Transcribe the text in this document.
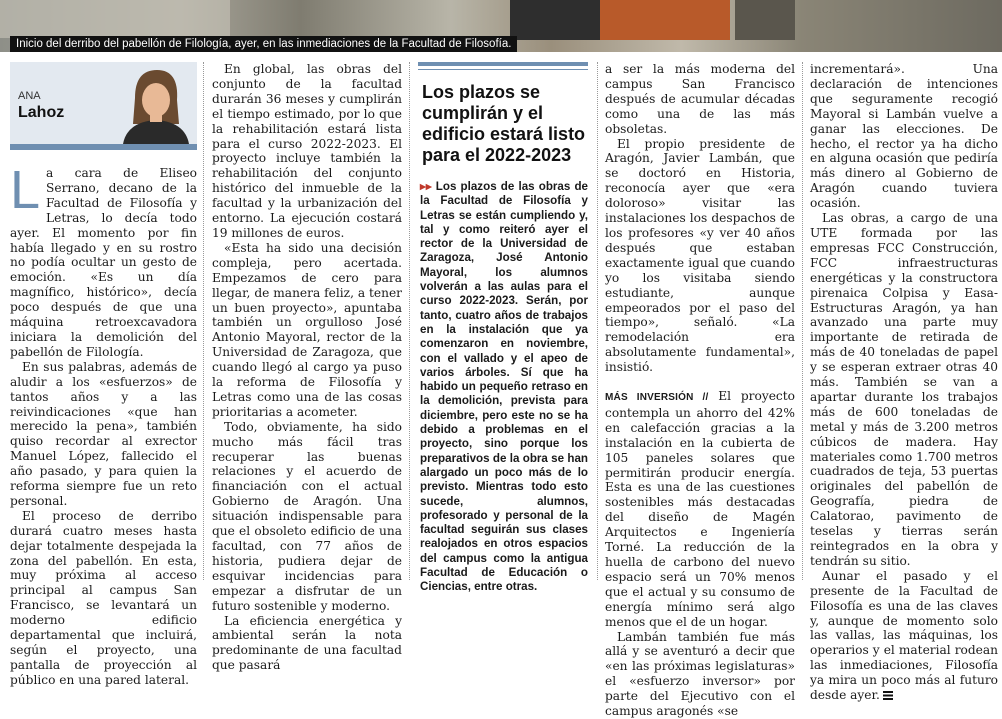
Inicio del derribo del pabellón de Filología, ayer, en las inmediaciones de la Facultad de Filosofía.
ANA
Lahoz

La cara de Eliseo Serrano, decano de la Facultad de Filosofía y Letras, lo decía todo ayer. El momento por fin había llegado y en su rostro no podía ocultar un gesto de emoción. «Es un día magnífico, histórico», decía poco después de que una máquina retroexcavadora iniciara la demolición del pabellón de Filología.

En sus palabras, además de aludir a los «esfuerzos» de tantos años y a las reivindicaciones «que han merecido la pena», también quiso recordar al exrector Manuel López, fallecido el año pasado, y para quien la reforma siempre fue un reto personal.

El proceso de derribo durará cuatro meses hasta dejar totalmente despejada la zona del pabellón. En esta, muy próxima al acceso principal al campus San Francisco, se levantará un moderno edificio departamental que incluirá, según el proyecto, una pantalla de proyección al público en una pared lateral.

En global, las obras del conjunto de la facultad durarán 36 meses y cumplirán el tiempo estimado, por lo que la rehabilitación estará lista para el curso 2022-2023. El proyecto incluye también la rehabilitación del conjunto histórico del inmueble de la facultad y la urbanización del entorno. La ejecución costará 19 millones de euros.

«Esta ha sido una decisión compleja, pero acertada. Empezamos de cero para llegar, de manera feliz, a tener un buen proyecto», apuntaba también un orgulloso José Antonio Mayoral, rector de la Universidad de Zaragoza, que cuando llegó al cargo ya puso la reforma de Filosofía y Letras como una de las cosas prioritarias a acometer.

Todo, obviamente, ha sido mucho más fácil tras recuperar las buenas relaciones y el acuerdo de financiación con el actual Gobierno de Aragón. Una situación indispensable para que el obsoleto edificio de una facultad, con 77 años de historia, pudiera dejar de esquivar incidencias para empezar a disfrutar de un futuro sostenible y moderno.

La eficiencia energética y ambiental serán la nota predominante de una facultad que pasará

Los plazos se cumplirán y el edificio estará listo para el 2022-2023

▸▸ Los plazos de las obras de la Facultad de Filosofía y Letras se están cumpliendo y, tal y como reiteró ayer el rector de la Universidad de Zaragoza, José Antonio Mayoral, los alumnos volverán a las aulas para el curso 2022-2023. Serán, por tanto, cuatro años de trabajos en la instalación que ya comenzaron en noviembre, con el vallado y el apeo de varios árboles. Sí que ha habido un pequeño retraso en la demolición, prevista para diciembre, pero este no se ha debido a problemas en el proyecto, sino porque los preparativos de la obra se han alargado un poco más de lo previsto. Mientras todo esto sucede, alumnos, profesorado y personal de la facultad seguirán sus clases realojados en otros espacios del campus como la antigua Facultad de Educación o Ciencias, entre otras.

a ser la más moderna del campus San Francisco después de acumular décadas como una de las más obsoletas.

El propio presidente de Aragón, Javier Lambán, que se doctoró en Historia, reconocía ayer que «era doloroso» visitar las instalaciones los despachos de los profesores «y ver 40 años después que estaban exactamente igual que cuando yo los visitaba siendo estudiante, aunque empeorados por el paso del tiempo», señaló. «La remodelación era absolutamente fundamental», insistió.

MÁS INVERSIÓN // El proyecto contempla un ahorro del 42% en calefacción gracias a la instalación en la cubierta de 105 paneles solares que permitirán producir energía. Esta es una de las cuestiones sostenibles más destacadas del diseño de Magén Arquitectos e Ingeniería Torné. La reducción de la huella de carbono del nuevo espacio será un 70% menos que el actual y su consumo de energía mínimo será algo menos que el de un hogar.

Lambán también fue más allá y se aventuró a decir que «en las próximas legislaturas» el «esfuerzo inversor» por parte del Ejecutivo con el campus aragonés «se

incrementará». Una declaración de intenciones que seguramente recogió Mayoral si Lambán vuelve a ganar las elecciones. De hecho, el rector ya ha dicho en alguna ocasión que pediría más dinero al Gobierno de Aragón cuando tuviera ocasión.

Las obras, a cargo de una UTE formada por las empresas FCC Construcción, FCC infraestructuras energéticas y la constructora pirenaica Colpisa y Easa-Estructuras Aragón, ya han avanzado una parte muy importante de retirada de más de 40 toneladas de papel y se esperan extraer otras 40 más. También se van a apartar durante los trabajos más de 600 toneladas de metal y más de 3.200 metros cúbicos de madera. Hay materiales como 1.700 metros cuadrados de teja, 53 puertas originales del pabellón de Geografía, piedra de Calatorao, pavimento de teselas y tierras serán reintegrados en la obra y tendrán su sitio.

Aunar el pasado y el presente de la Facultad de Filosofía es una de las claves y, aunque de momento solo las vallas, las máquinas, los operarios y el material rodean las inmediaciones, Filosofía ya mira un poco más al futuro desde ayer.
